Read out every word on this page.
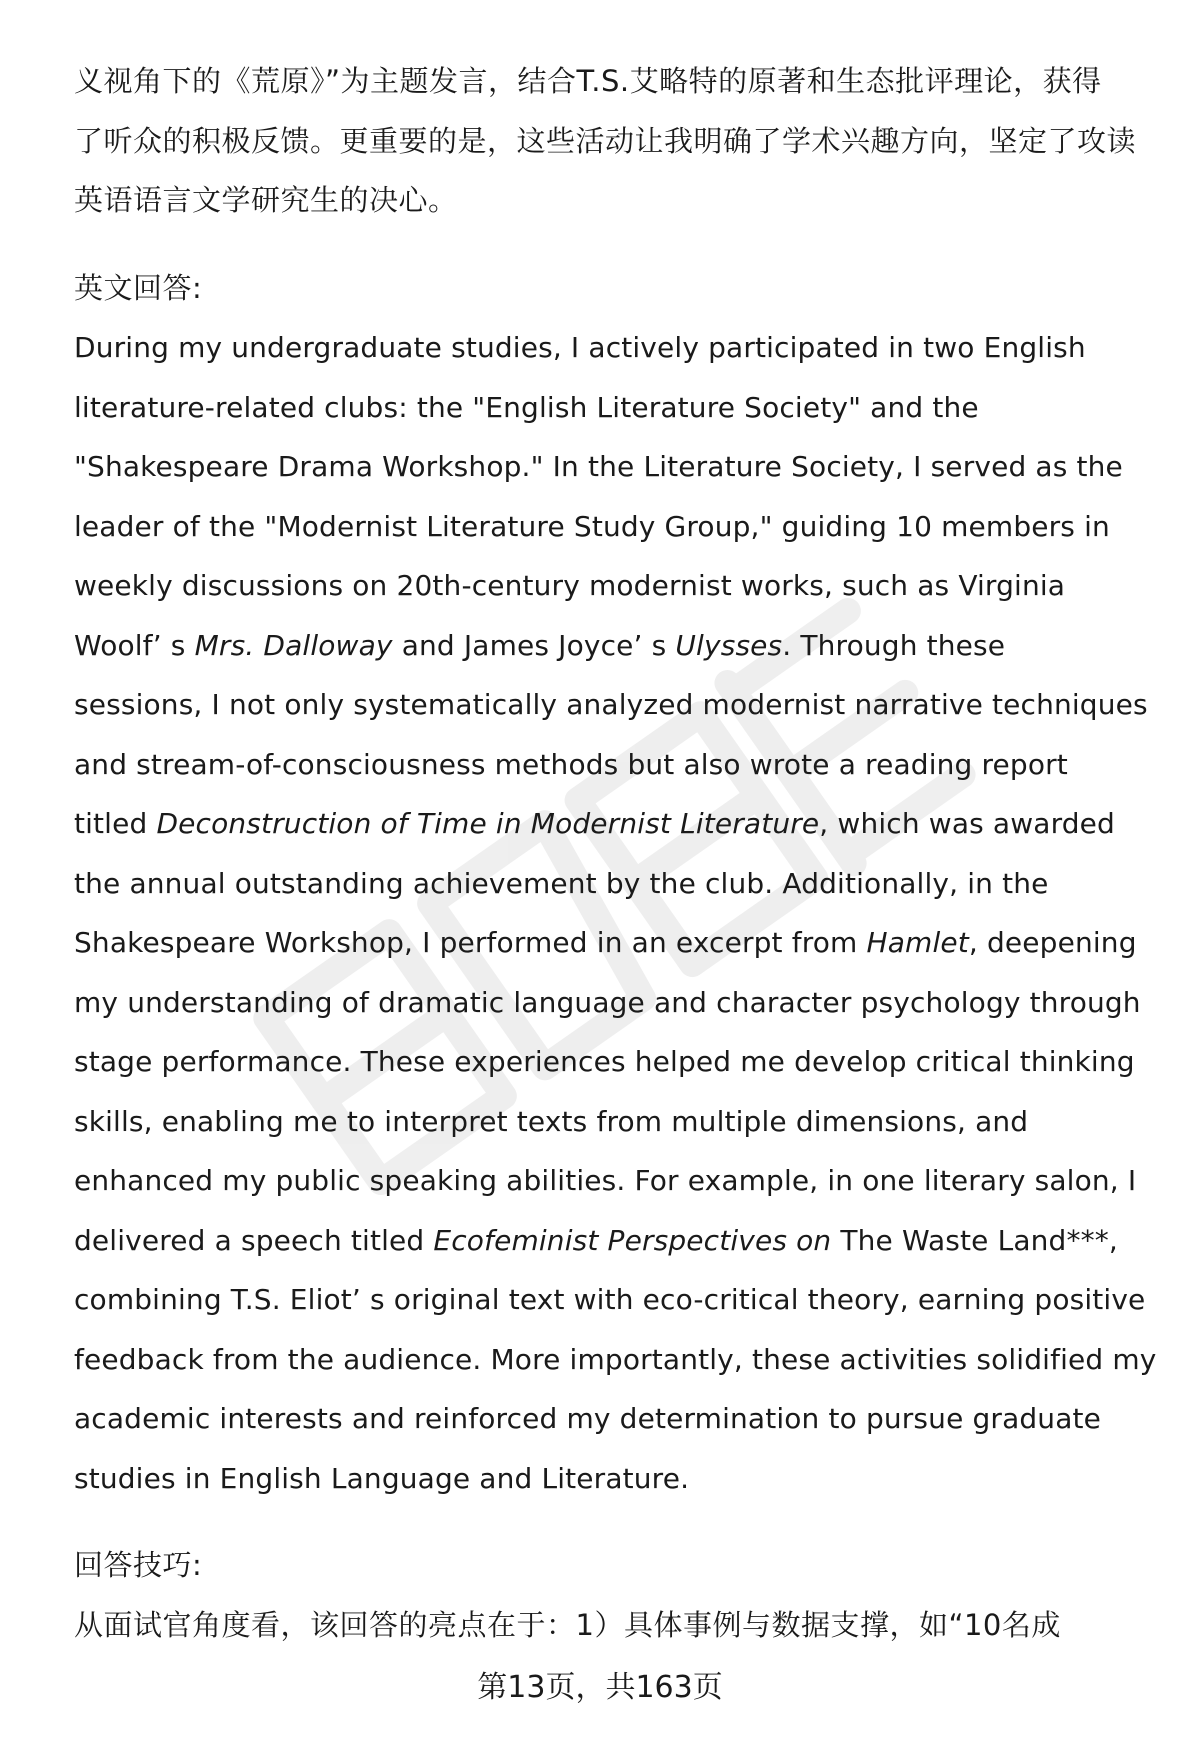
义视角下的《荒原》”为主题发言，结合T.S.艾略特的原著和生态批评理论，获得
了听众的积极反馈。更重要的是，这些活动让我明确了学术兴趣方向，坚定了攻读
英语语言文学研究生的决心。
英文回答:
During my undergraduate studies, I actively participated in two English
literature-related clubs: the "English Literature Society" and the
"Shakespeare Drama Workshop." In the Literature Society, I served as the
leader of the "Modernist Literature Study Group," guiding 10 members in
weekly discussions on 20th-century modernist works, such as Virginia
Woolf’ s Mrs. Dalloway and James Joyce’ s Ulysses. Through these
sessions, I not only systematically analyzed modernist narrative techniques
and stream-of-consciousness methods but also wrote a reading report
titled Deconstruction of Time in Modernist Literature, which was awarded
the annual outstanding achievement by the club. Additionally, in the
Shakespeare Workshop, I performed in an excerpt from Hamlet, deepening
my understanding of dramatic language and character psychology through
stage performance. These experiences helped me develop critical thinking
skills, enabling me to interpret texts from multiple dimensions, and
enhanced my public speaking abilities. For example, in one literary salon, I
delivered a speech titled Ecofeminist Perspectives on The Waste Land***,
combining T.S. Eliot’ s original text with eco-critical theory, earning positive
feedback from the audience. More importantly, these activities solidified my
academic interests and reinforced my determination to pursue graduate
studies in English Language and Literature.
回答技巧:
从面试官角度看，该回答的亮点在于：1）具体事例与数据支撑，如“10名成
第13页，共163页
